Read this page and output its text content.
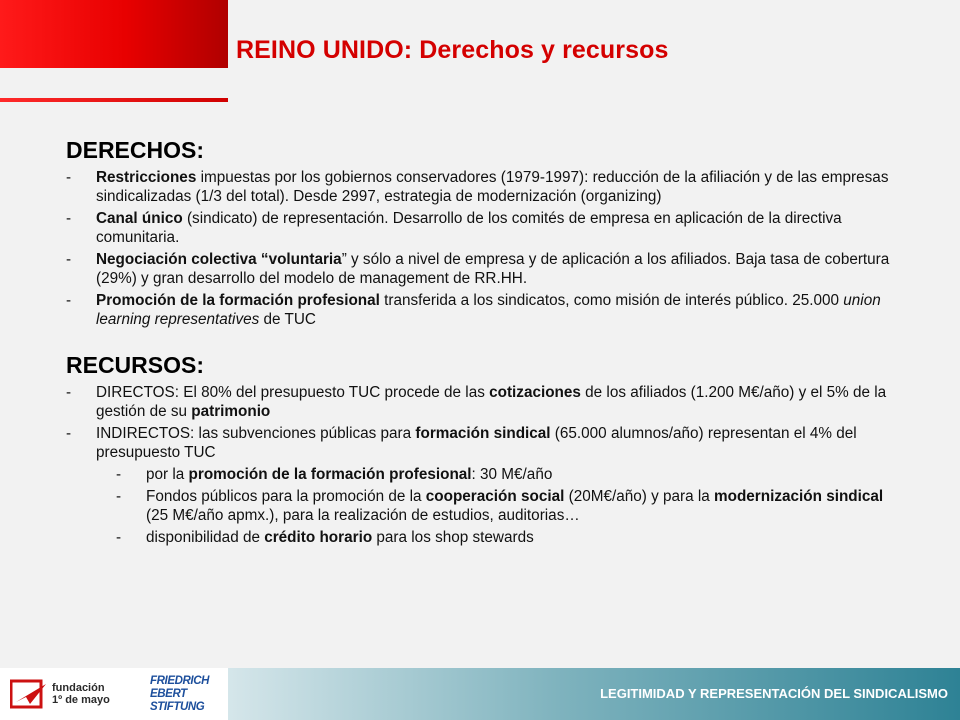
REINO UNIDO: Derechos y recursos
DERECHOS:
- Restricciones impuestas por los gobiernos conservadores (1979-1997): reducción de la afiliación y de las empresas sindicalizadas (1/3 del total). Desde 2997, estrategia de modernización (organizing)
- Canal único (sindicato) de representación. Desarrollo de los comités de empresa en aplicación de la directiva comunitaria.
- Negociación colectiva “voluntaria” y sólo a nivel de empresa y de aplicación a los afiliados. Baja tasa de cobertura (29%) y gran desarrollo del modelo de management de RR.HH.
- Promoción de la formación profesional transferida a los sindicatos, como misión de interés público. 25.000 union learning representatives de TUC
RECURSOS:
- DIRECTOS: El 80% del presupuesto TUC procede de las cotizaciones de los afiliados (1.200 M€/año) y el 5% de la gestión de su patrimonio
- INDIRECTOS: las subvenciones públicas para formación sindical (65.000 alumnos/año) representan el 4% del presupuesto TUC
- por la promoción de la formación profesional: 30 M€/año
- Fondos públicos para la promoción de la cooperación social (20M€/año) y para la modernización sindical (25 M€/año apmx.), para la realización de estudios, auditorias…
- disponibilidad de crédito horario para los shop stewards
fundación
1º de mayo
FRIEDRICH
EBERT
STIFTUNG
LEGITIMIDAD Y REPRESENTACIÓN DEL SINDICALISMO
